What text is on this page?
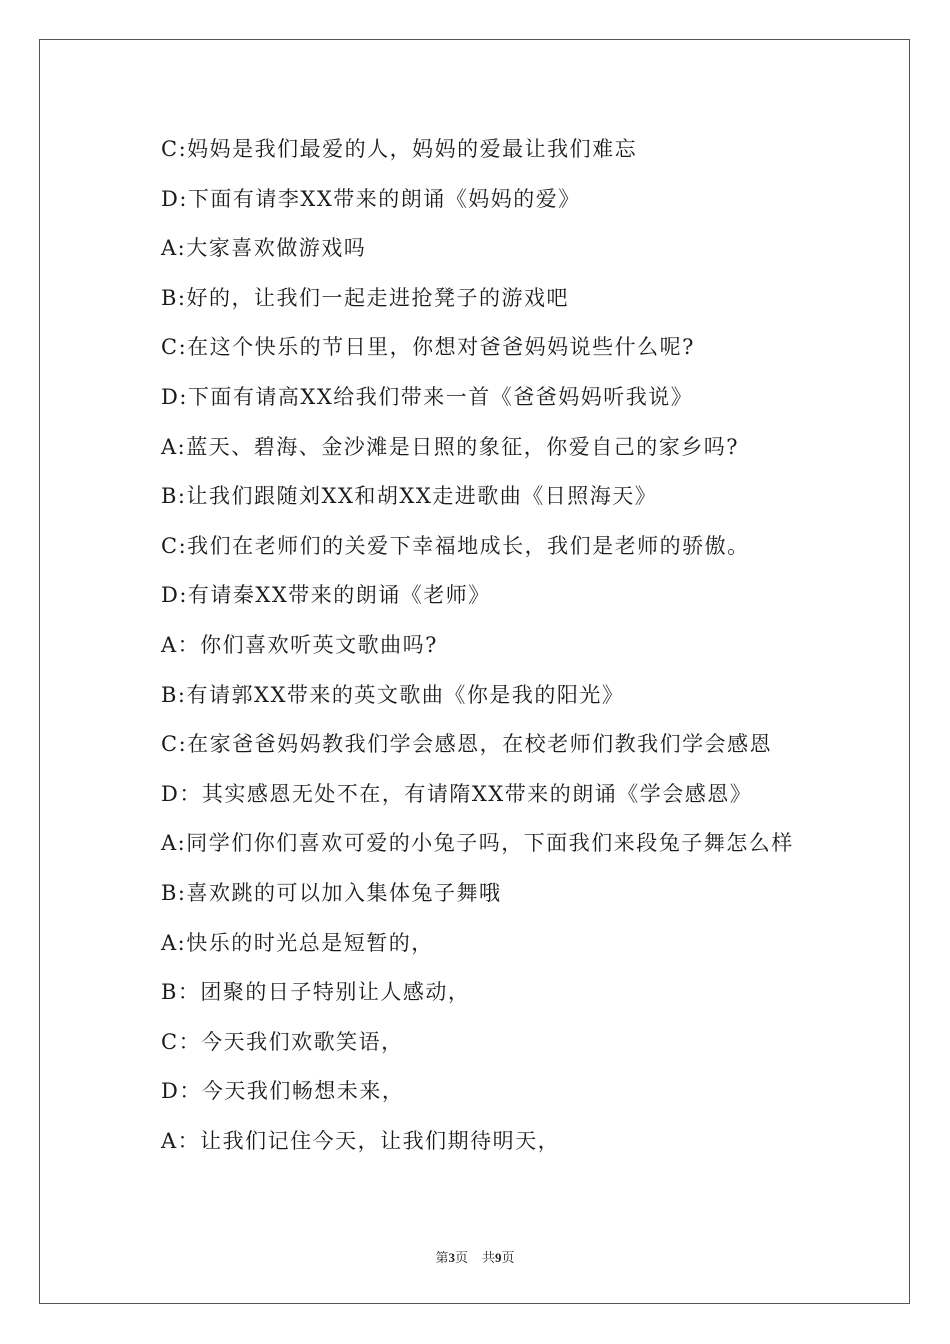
C:妈妈是我们最爱的人，妈妈的爱最让我们难忘
D:下面有请李XX带来的朗诵《妈妈的爱》
A:大家喜欢做游戏吗
B:好的，让我们一起走进抢凳子的游戏吧
C:在这个快乐的节日里，你想对爸爸妈妈说些什么呢?
D:下面有请高XX给我们带来一首《爸爸妈妈听我说》
A:蓝天、碧海、金沙滩是日照的象征，你爱自己的家乡吗?
B:让我们跟随刘XX和胡XX走进歌曲《日照海天》
C:我们在老师们的关爱下幸福地成长，我们是老师的骄傲。
D:有请秦XX带来的朗诵《老师》
A：你们喜欢听英文歌曲吗?
B:有请郭XX带来的英文歌曲《你是我的阳光》
C:在家爸爸妈妈教我们学会感恩，在校老师们教我们学会感恩
D：其实感恩无处不在，有请隋XX带来的朗诵《学会感恩》
A:同学们你们喜欢可爱的小兔子吗，下面我们来段兔子舞怎么样
B:喜欢跳的可以加入集体兔子舞哦
A:快乐的时光总是短暂的，
B：团聚的日子特别让人感动，
C：今天我们欢歌笑语，
D：今天我们畅想未来，
A：让我们记住今天，让我们期待明天，
第3页 共9页
